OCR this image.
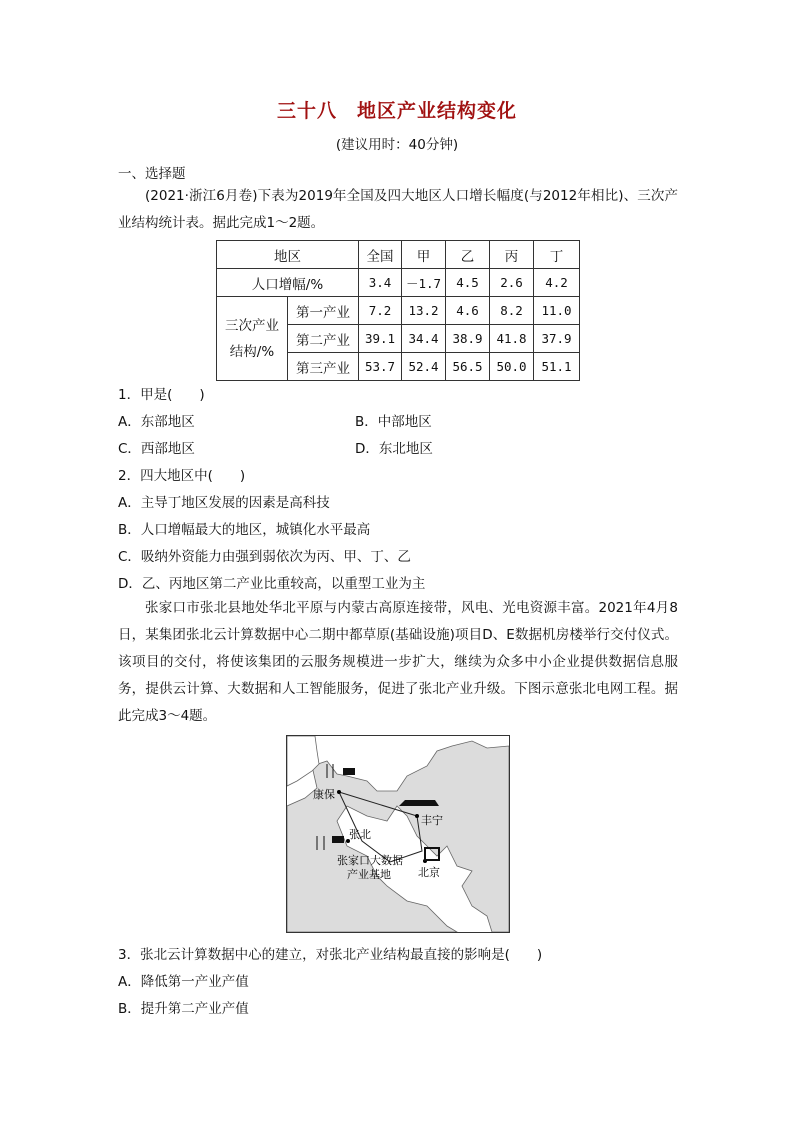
三十八　地区产业结构变化
(建议用时：40分钟)
一、选择题
(2021·浙江6月卷)下表为2019年全国及四大地区人口增长幅度(与2012年相比)、三次产业结构统计表。据此完成1～2题。
地区		全国	甲	乙	丙	丁
人口增幅/%		3.4	－1.7	4.5	2.6	4.2
三次产业
结构/%	第一产业	7.2	13.2	4.6	8.2	11.0
	第二产业	39.1	34.4	38.9	41.8	37.9
	第三产业	53.7	52.4	56.5	50.0	51.1
1．甲是(　　)
A．东部地区	B．中部地区
C．西部地区	D．东北地区
2．四大地区中(　　)
A．主导丁地区发展的因素是高科技
B．人口增幅最大的地区，城镇化水平最高
C．吸纳外资能力由强到弱依次为丙、甲、丁、乙
D．乙、丙地区第二产业比重较高，以重型工业为主
张家口市张北县地处华北平原与内蒙古高原连接带，风电、光电资源丰富。2021年4月8日，某集团张北云计算数据中心二期中都草原(基础设施)项目D、E数据机房楼举行交付仪式。该项目的交付，将使该集团的云服务规模进一步扩大，继续为众多中小企业提供数据信息服务，提供云计算、大数据和人工智能服务，促进了张北产业升级。下图示意张北电网工程。据此完成3～4题。
康保
丰宁
张北
北京
张家口大数据
产业基地
3．张北云计算数据中心的建立，对张北产业结构最直接的影响是(　　)
A．降低第一产业产值
B．提升第二产业产值
